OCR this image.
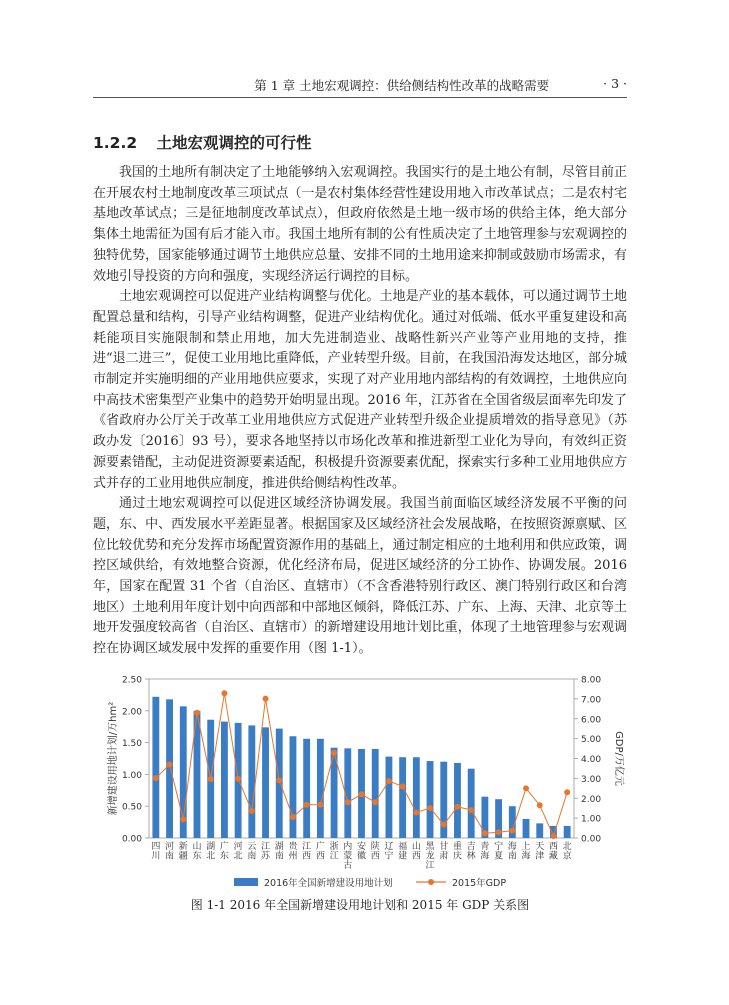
第 1 章 土地宏观调控：供给侧结构性改革的战略需要	· 3 ·
1.2.2 土地宏观调控的可行性

我国的土地所有制决定了土地能够纳入宏观调控。我国实行的是土地公有制，尽管目前正在开展农村土地制度改革三项试点（一是农村集体经营性建设用地入市改革试点；二是农村宅基地改革试点；三是征地制度改革试点），但政府依然是土地一级市场的供给主体，绝大部分集体土地需征为国有后才能入市。我国土地所有制的公有性质决定了土地管理参与宏观调控的独特优势，国家能够通过调节土地供应总量、安排不同的土地用途来抑制或鼓励市场需求，有效地引导投资的方向和强度，实现经济运行调控的目标。

土地宏观调控可以促进产业结构调整与优化。土地是产业的基本载体，可以通过调节土地配置总量和结构，引导产业结构调整，促进产业结构优化。通过对低端、低水平重复建设和高耗能项目实施限制和禁止用地，加大先进制造业、战略性新兴产业等产业用地的支持，推进“退二进三”，促使工业用地比重降低，产业转型升级。目前，在我国沿海发达地区，部分城市制定并实施明细的产业用地供应要求，实现了对产业用地内部结构的有效调控，土地供应向中高技术密集型产业集中的趋势开始明显出现。2016 年，江苏省在全国省级层面率先印发了《省政府办公厅关于改革工业用地供应方式促进产业转型升级企业提质增效的指导意见》（苏政办发〔2016〕93 号），要求各地坚持以市场化改革和推进新型工业化为导向，有效纠正资源要素错配，主动促进资源要素适配，积极提升资源要素优配，探索实行多种工业用地供应方式并存的工业用地供应制度，推进供给侧结构性改革。

通过土地宏观调控可以促进区域经济协调发展。我国当前面临区域经济发展不平衡的问题，东、中、西发展水平差距显著。根据国家及区域经济社会发展战略，在按照资源禀赋、区位比较优势和充分发挥市场配置资源作用的基础上，通过制定相应的土地利用和供应政策，调控区域供给，有效地整合资源，优化经济布局，促进区域经济的分工协作、协调发展。2016 年，国家在配置 31 个省（自治区、直辖市）（不含香港特别行政区、澳门特别行政区和台湾地区）土地利用年度计划中向西部和中部地区倾斜，降低江苏、广东、上海、天津、北京等土地开发强度较高省（自治区、直辖市）的新增建设用地计划比重，体现了土地管理参与宏观调控在协调区域发展中发挥的重要作用（图 1-1）。

0.00
0.50
1.00
1.50
2.00
2.50
0.00
1.00
2.00
3.00
4.00
5.00
6.00
7.00
8.00
新增建设用地计划/万hm²	GDP/万亿元
四川
河南
新疆
山东
湖北
广东
河北
云南
江苏
湖南
贵州
江西
广西
浙江
内蒙古
安徽
陕西
辽宁
福建
山西
黑龙江
甘肃
重庆
吉林
青海
宁夏
海南
上海
天津
西藏
北京
2016年全国新增建设用地计划	2015年GDP
图 1-1 2016 年全国新增建设用地计划和 2015 年 GDP 关系图
